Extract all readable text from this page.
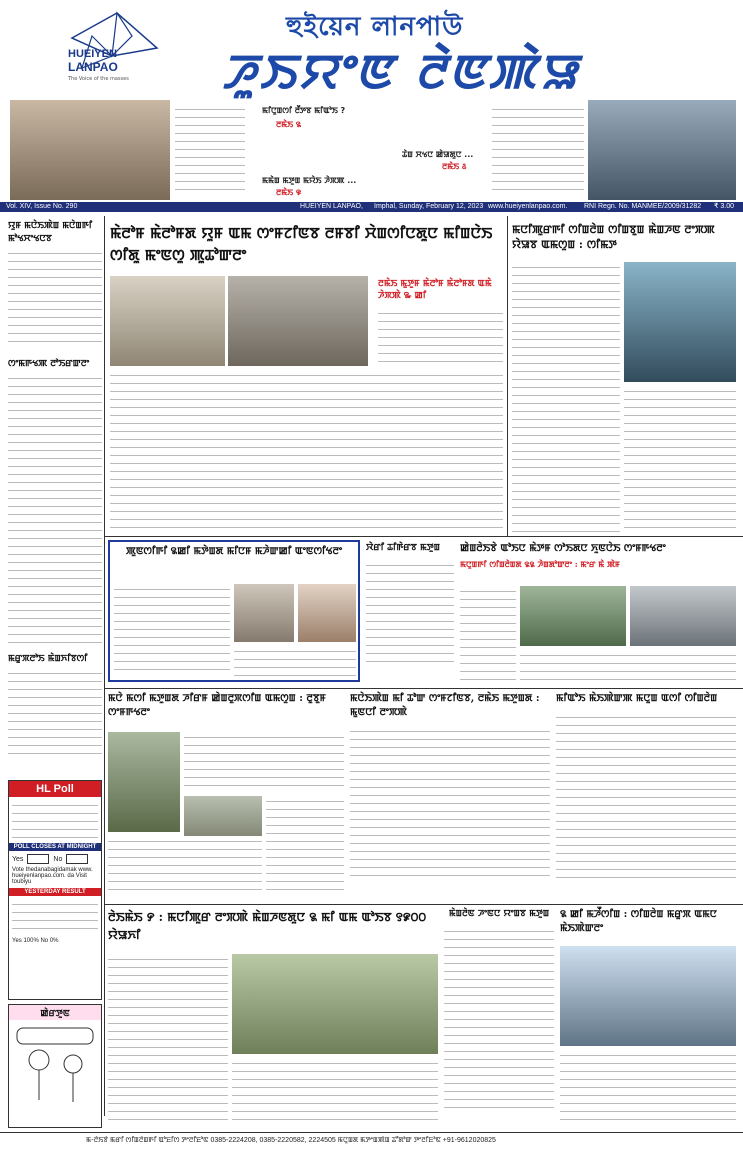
HUEIYEN
LANPAO
The Voice of the masses
হুইয়েন লানপাউ
ꯍꯨꯏꯌꯦꯟ ꯂꯥꯟꯄꯥꯎ
ꯃꯤꯅꯨꯡꯁꯤ ꯂꯩꯇꯕ ꯃꯤꯑꯣꯏ ?
ꯂꯃꯥꯏ ꯲
ꯊꯥꯡ ꯆꯠꯅ ꯀꯥꯎꯗꯨꯅ ...
ꯂꯃꯥꯏ ꯴
ꯃꯃꯥꯡ ꯃꯇꯨꯡ ꯃꯌꯥꯏ ꯍꯥꯞꯄ ...
ꯂꯃꯥꯏ ꯶
Vol. XIV, Issue No. 290	HUEIYEN LANPAO, Imphal, Sunday, February 12, 2023 www.hueiyenlanpao.com. RNI Regn. No. MANMEE/2009/31282 ₹ 3.00
ꯌꯨꯝ ꯃꯅꯥꯏꯄꯥꯡ ꯃꯅꯥꯡꯒꯤ ꯃꯣꯠꯆꯦꯠꯅꯕ
ꯁꯦꯃꯒꯠꯄ ꯂꯣꯏꯔꯛꯂꯦ
ꯃꯔꯨꯞꯂꯣꯏ ꯃꯥꯡꯈꯤꯕꯁꯤ
ꯃꯥꯂꯣꯝ ꯃꯥꯂꯣꯝꯗ ꯌꯨꯝ ꯑꯃ ꯁꯦꯝꯖꯤꯟꯕ ꯂꯝꯕꯤ ꯆꯥꯡꯁꯤꯅꯗꯨꯅ ꯃꯤꯡꯅꯥꯏ ꯁꯤꯗꯨ ꯃꯦꯟꯁꯨ ꯄꯨꯊꯣꯛꯂꯦ
ꯂꯃꯥꯏ ꯃꯨꯇꯨꯝ ꯃꯥꯂꯣꯝ ꯃꯥꯂꯣꯝꯗ ꯑꯃꯥ ꯍꯥꯞꯄꯥ ꯳ ꯀꯤ
ꯃꯅꯤꯄꯨꯔꯒꯤ ꯁꯤꯡꯂꯥꯡ ꯁꯤꯡꯕꯨꯡ ꯃꯥꯡꯍꯟ ꯂꯦꯞꯄ ꯌꯥꯎꯕ ꯑꯃꯁꯨꯡ : ꯁꯤꯃꯇ
ꯄꯨꯟꯁꯤꯒꯤ ꯲ꯀꯤ ꯃꯇꯥꯡꯗ ꯃꯤꯅꯝ ꯃꯍꯥꯛꯀꯤ ꯑꯦꯟꯁꯤꯠꯂꯦ	ꯋꯥꯔꯤ ꯊꯤꯒꯥꯔꯕ ꯃꯇꯨꯡ	ꯀꯥꯡꯂꯥꯏꯕꯥ ꯑꯣꯏꯅ ꯃꯥꯇꯝ ꯁꯣꯏꯗꯅ ꯈꯨꯟꯅꯥꯏ ꯁꯦꯝꯒꯠꯂꯦ
ꯃꯅꯨꯡꯒꯤ ꯁꯤꯡꯂꯥꯡꯗ ꯲꯲ ꯍꯥꯡꯗꯣꯛꯂꯦ : ꯃꯦꯔ ꯃꯥ ꯄꯥꯝ
ꯃꯅꯥ ꯃꯁꯤ ꯃꯇꯨꯡꯗ ꯍꯤꯔꯝ ꯀꯥꯡꯂꯨꯞꯁꯤꯡ ꯑꯃꯁꯨꯡ : ꯂꯨꯕꯨꯝ ꯁꯦꯝꯒꯠꯂꯦ
ꯃꯅꯥꯏꯄꯥꯡ ꯃꯤ ꯊꯣꯛ ꯁꯦꯝꯖꯤꯟꯕ, ꯂꯃꯥꯏ ꯃꯇꯨꯡꯗ : ꯃꯨꯟꯅꯤ ꯂꯦꯞꯄꯥ
ꯃꯤꯑꯣꯏ ꯃꯥꯏꯄꯥꯛꯄ ꯃꯅꯨꯡ ꯑꯁꯤ ꯁꯤꯡꯂꯥꯡ
ꯂꯥꯏꯃꯥꯏ ꯸ : ꯃꯅꯤꯄꯨꯔ ꯂꯦꯞꯄꯥ ꯃꯥꯡꯍꯟꯗꯨꯅ ꯲ ꯃꯤ ꯑꯃ ꯑꯣꯏꯕ ꯱꯹꯰꯰ ꯌꯥꯎꯈꯤ
ꯃꯥꯡꯂꯥꯟ ꯍꯦꯟꯅ ꯌꯦꯡꯕ ꯃꯇꯨꯡ	꯲ ꯀꯤ ꯃꯍꯩꯁꯤꯡ : ꯁꯤꯡꯂꯥꯡ ꯃꯔꯨꯞ ꯑꯃꯅ ꯃꯥꯏꯄꯥꯛꯂꯦ
HL Poll
POLL CLOSES AT MIDNIGHT
Yes	No
Vote thedanabagidamak www. hueiyenlanpao.com. da Visit toubiyu
YESTERDAY RESULT
Yes 100% No 0%
ꯀꯥꯔꯇꯨꯟ
ꯃ-ꯂꯥꯏꯕꯥ ꯃꯔꯤ ꯁꯤꯡꯂꯥꯡꯒꯤ ꯑꯣꯐꯤꯁ ꯇꯦꯂꯤꯐꯣꯟ 0385-2224208, 0385-2220582, 2224505 ꯃꯅꯨꯡꯗ ꯃꯇꯦꯡꯄꯥꯡ ꯊꯧꯗꯣꯛ ꯇꯦꯂꯤꯐꯣꯟ +91-9612020825
